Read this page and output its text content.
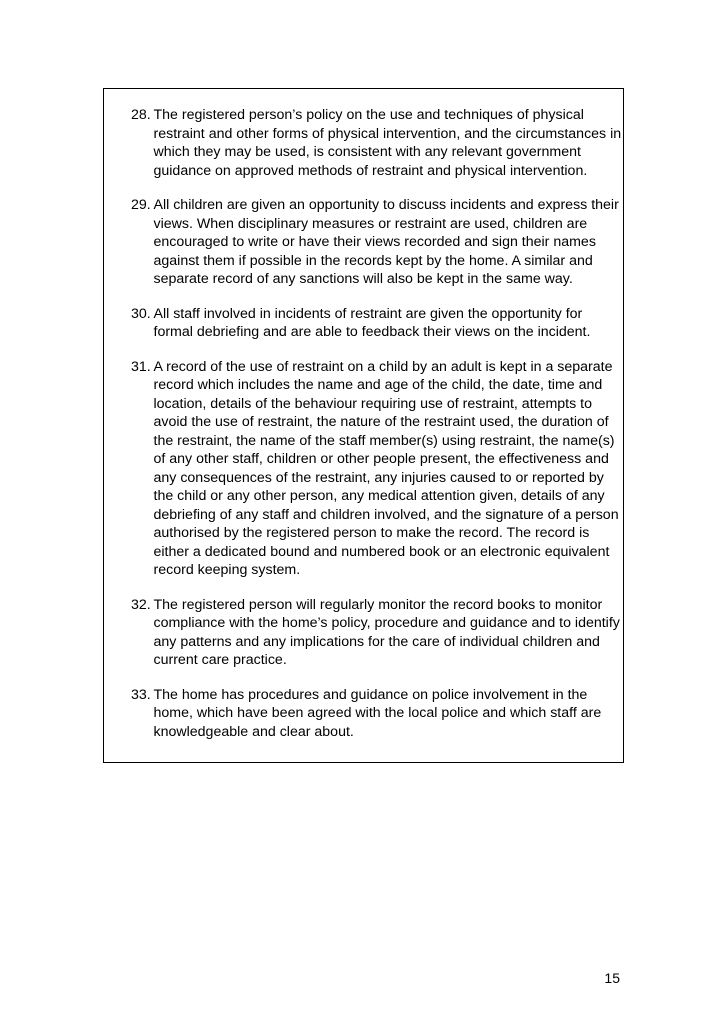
28. The registered person’s policy on the use and techniques of physical restraint and other forms of physical intervention, and the circumstances in which they may be used, is consistent with any relevant government guidance on approved methods of restraint and physical intervention.
29. All children are given an opportunity to discuss incidents and express their views. When disciplinary measures or restraint are used, children are encouraged to write or have their views recorded and sign their names against them if possible in the records kept by the home. A similar and separate record of any sanctions will also be kept in the same way.
30. All staff involved in incidents of restraint are given the opportunity for formal debriefing and are able to feedback their views on the incident.
31. A record of the use of restraint on a child by an adult is kept in a separate record which includes the name and age of the child, the date, time and location, details of the behaviour requiring use of restraint, attempts to avoid the use of restraint, the nature of the restraint used, the duration of the restraint, the name of the staff member(s) using restraint, the name(s) of any other staff, children or other people present, the effectiveness and any consequences of the restraint, any injuries caused to or reported by the child or any other person, any medical attention given, details of any debriefing of any staff and children involved, and the signature of a person authorised by the registered person to make the record. The record is either a dedicated bound and numbered book or an electronic equivalent record keeping system.
32. The registered person will regularly monitor the record books to monitor compliance with the home’s policy, procedure and guidance and to identify any patterns and any implications for the care of individual children and current care practice.
33. The home has procedures and guidance on police involvement in the home, which have been agreed with the local police and which staff are knowledgeable and clear about.
15
